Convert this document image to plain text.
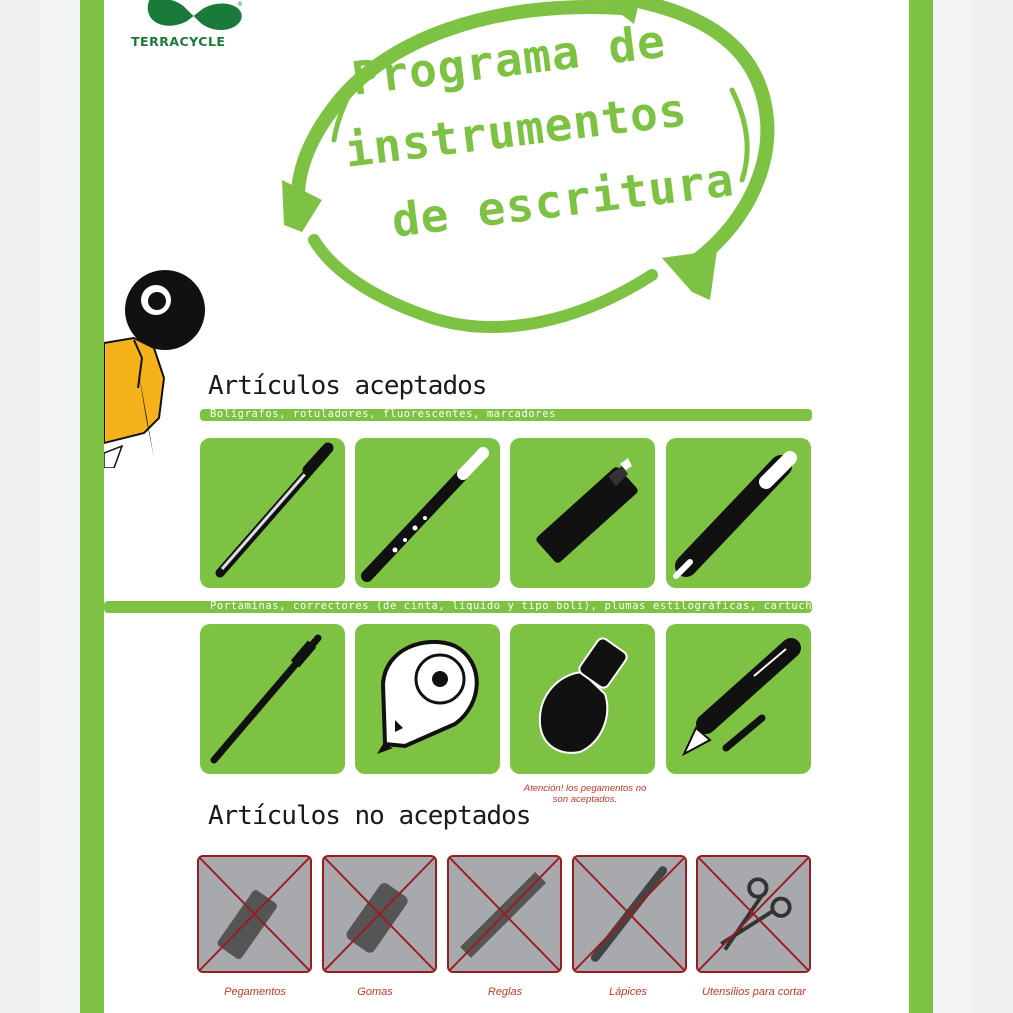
TERRACYCLE
®
Programa de
instrumentos
de escritura
Artículos aceptados
Bolígrafos, rotuladores, fluorescentes, marcadores
Portaminas, correctores (de cinta, líquido y tipo boli), plumas estilográficas, cartuchos
Atención! los pegamentos no son aceptados.
Artículos no aceptados
Pegamentos	Gomas	Reglas	Lápices	Utensilios para cortar
